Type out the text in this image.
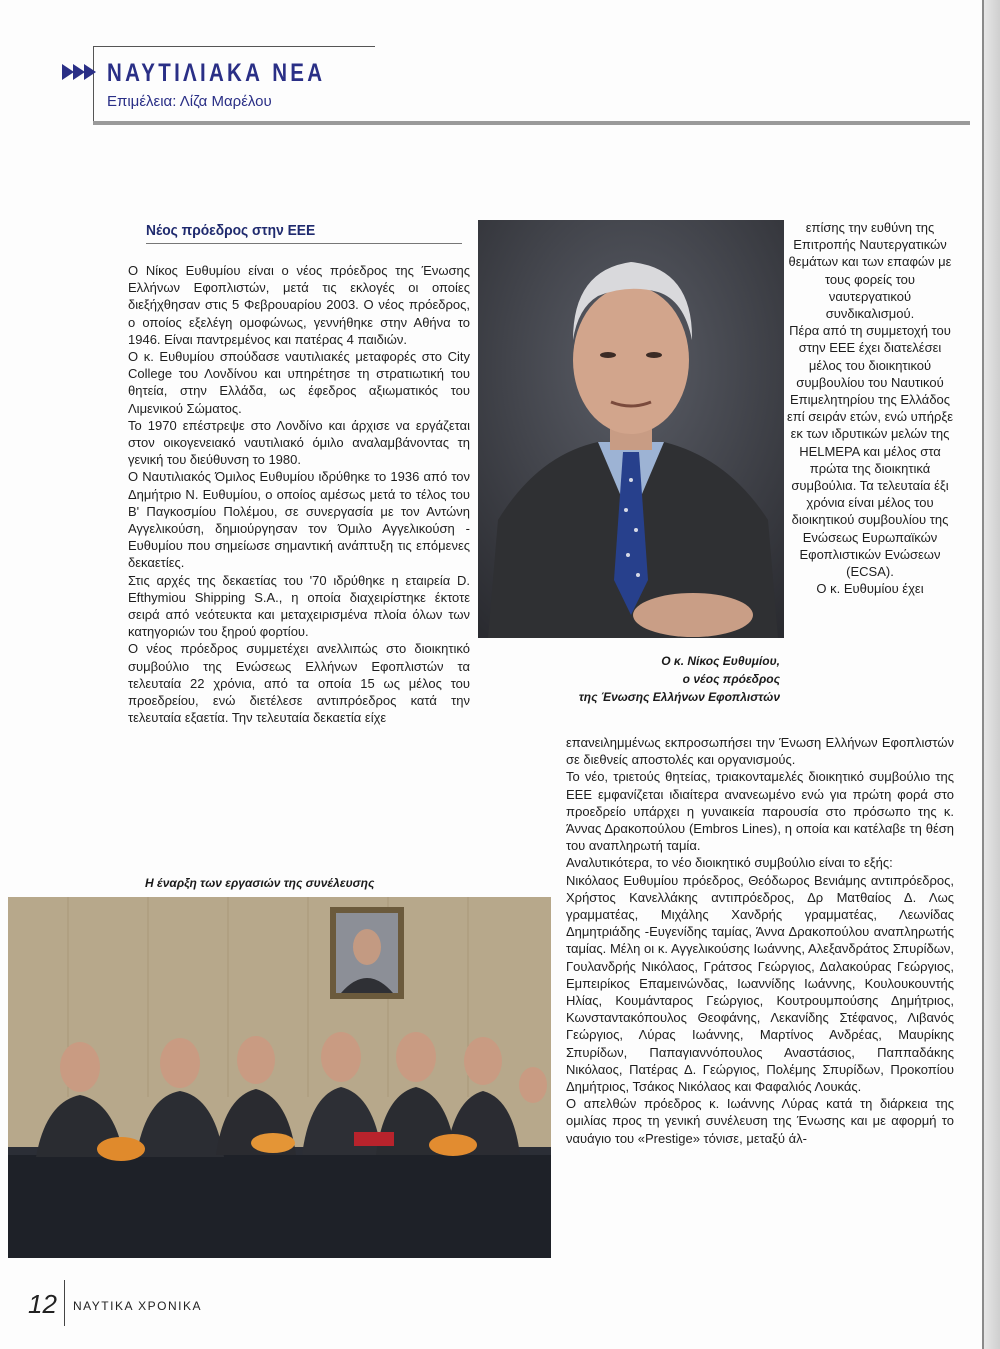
ΝΑΥΤΙΛΙΑΚΑ ΝΕΑ
Επιμέλεια: Λίζα Μαρέλου
Νέος πρόεδρος στην ΕΕΕ

Ο Νίκος Ευθυμίου είναι ο νέος πρόεδρος της Ένωσης Ελλήνων Εφοπλιστών, μετά τις εκλογές οι οποίες διεξήχθησαν στις 5 Φεβρουαρίου 2003. Ο νέος πρόεδρος, ο οποίος εξελέγη ομοφώνως, γεννήθηκε στην Αθήνα το 1946. Είναι παντρεμένος και πατέρας 4 παιδιών.

Ο κ. Ευθυμίου σπούδασε ναυτιλιακές μεταφορές στο City College του Λονδίνου και υπηρέτησε τη στρατιωτική του θητεία, στην Ελλάδα, ως έφεδρος αξιωματικός του Λιμενικού Σώματος.

Το 1970 επέστρεψε στο Λονδίνο και άρχισε να εργάζεται στον οικογενειακό ναυτιλιακό όμιλο αναλαμβάνοντας τη γενική του διεύθυνση το 1980.

Ο Ναυτιλιακός Όμιλος Ευθυμίου ιδρύθηκε το 1936 από τον Δημήτριο Ν. Ευθυμίου, ο οποίος αμέσως μετά το τέλος του Β' Παγκοσμίου Πολέμου, σε συνεργασία με τον Αντώνη Αγγελικούση, δημιούργησαν τον Όμιλο Αγγελικούση - Ευθυμίου που σημείωσε σημαντική ανάπτυξη τις επόμενες δεκαετίες.

Στις αρχές της δεκαετίας του '70 ιδρύθηκε η εταιρεία D. Efthymiou Shipping S.A., η οποία διαχειρίστηκε έκτοτε σειρά από νεότευκτα και μεταχειρισμένα πλοία όλων των κατηγοριών του ξηρού φορτίου.

Ο νέος πρόεδρος συμμετέχει ανελλιπώς στο διοικητικό συμβούλιο της Ενώσεως Ελλήνων Εφοπλιστών τα τελευταία 22 χρόνια, από τα οποία 15 ως μέλος του προεδρείου, ενώ διετέλεσε αντιπρόεδρος κατά την τελευταία εξαετία. Την τελευταία δεκαετία είχε

Ο κ. Νίκος Ευθυμίου,
ο νέος πρόεδρος
της Ένωσης Ελλήνων Εφοπλιστών

επίσης την ευθύνη της Επιτροπής Ναυτεργατικών θεμάτων και των επαφών με τους φορείς του ναυτεργατικού συνδικαλισμού.

Πέρα από τη συμμετοχή του στην ΕΕΕ έχει διατελέσει μέλος του διοικητικού συμβουλίου του Ναυτικού Επιμελητηρίου της Ελλάδος επί σειράν ετών, ενώ υπήρξε εκ των ιδρυτικών μελών της HELMEPA και μέλος στα πρώτα της διοικητικά συμβούλια. Τα τελευταία έξι χρόνια είναι μέλος του διοικητικού συμβουλίου της Ενώσεως Ευρωπαϊκών Εφοπλιστικών Ενώσεων (ECSA).

Ο κ. Ευθυμίου έχει

επανειλημμένως εκπροσωπήσει την Ένωση Ελλήνων Εφοπλιστών σε διεθνείς αποστολές και οργανισμούς.

Το νέο, τριετούς θητείας, τριακονταμελές διοικητικό συμβούλιο της ΕΕΕ εμφανίζεται ιδιαίτερα ανανεωμένο ενώ για πρώτη φορά στο προεδρείο υπάρχει η γυναικεία παρουσία στο πρόσωπο της κ. Άννας Δρακοπούλου (Embros Lines), η οποία και κατέλαβε τη θέση του αναπληρωτή ταμία.

Αναλυτικότερα, το νέο διοικητικό συμβούλιο είναι το εξής:

Νικόλαος Ευθυμίου πρόεδρος, Θεόδωρος Βενιάμης αντιπρόεδρος, Χρήστος Κανελλάκης αντιπρόεδρος, Δρ Ματθαίος Δ. Λως γραμματέας, Μιχάλης Χανδρής γραμματέας, Λεωνίδας Δημητριάδης -Ευγενίδης ταμίας, Άννα Δρακοπούλου αναπληρωτής ταμίας. Μέλη οι κ. Αγγελικούσης Ιωάννης, Αλεξανδράτος Σπυρίδων, Γουλανδρής Νικόλαος, Γράτσος Γεώργιος, Δαλακούρας Γεώργιος, Εμπειρίκος Επαμεινώνδας, Ιωαννίδης Ιωάννης, Κουλουκουντής Ηλίας, Κουμάνταρος Γεώργιος, Κουτρουμπούσης Δημήτριος, Κωνσταντακόπουλος Θεοφάνης, Λεκανίδης Στέφανος, Λιβανός Γεώργιος, Λύρας Ιωάννης, Μαρτίνος Ανδρέας, Μαυρίκης Σπυρίδων, Παπαγιαννόπουλος Αναστάσιος, Παππαδάκης Νικόλαος, Πατέρας Δ. Γεώργιος, Πολέμης Σπυρίδων, Προκοπίου Δημήτριος, Τσάκος Νικόλαος και Φαφαλιός Λουκάς.

Ο απελθών πρόεδρος κ. Ιωάννης Λύρας κατά τη διάρκεια της ομιλίας προς τη γενική συνέλευση της Ένωσης και με αφορμή το ναυάγιο του «Prestige» τόνισε, μεταξύ άλ-

Η έναρξη των εργασιών της συνέλευσης
12 ΝΑΥΤΙΚΑ ΧΡΟΝΙΚΑ
